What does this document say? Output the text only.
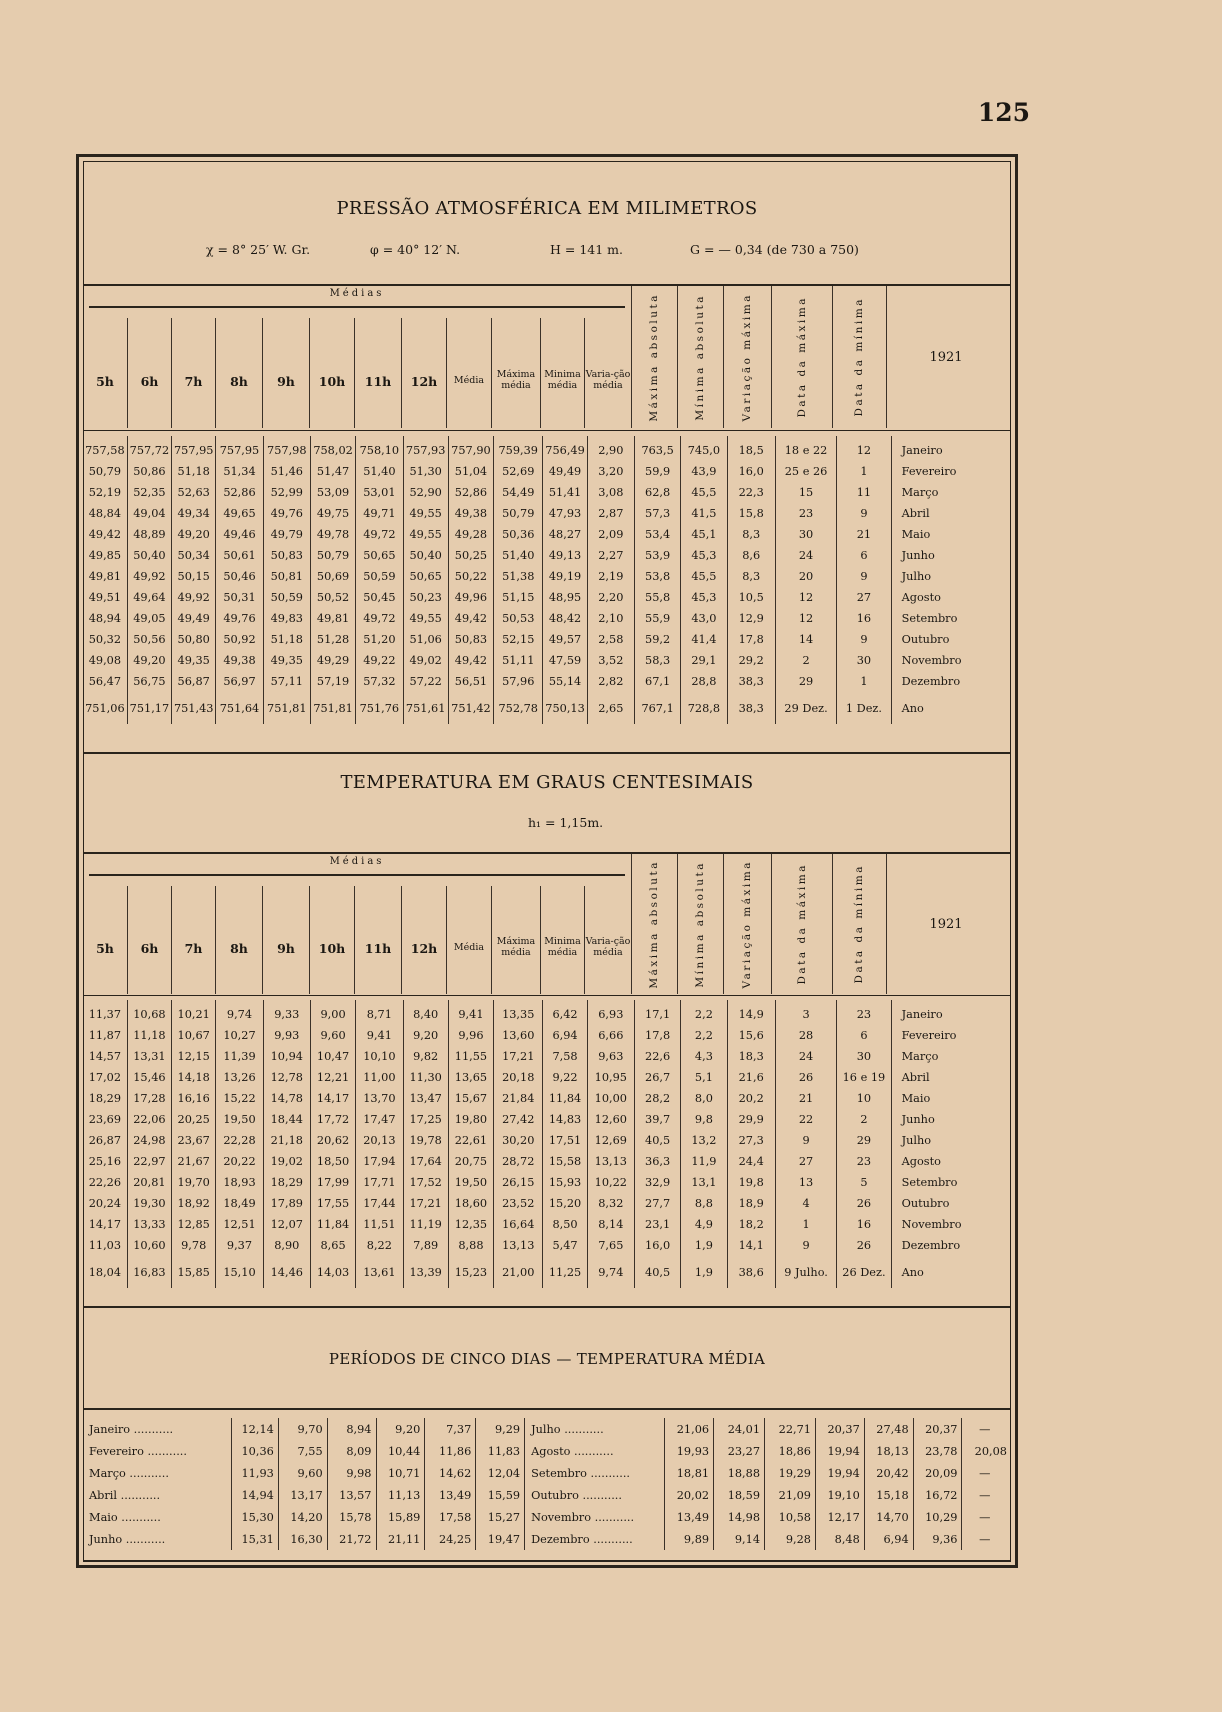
125
PRESSÃO ATMOSFÉRICA EM MILIMETROS
χ = 8° 25′ W. Gr.	φ = 40° 12′ N.	H = 141 m.	G = — 0,34 (de 730 a 750)
5h	6h	7h	8h	9h	10h	11h	12h	Média	Máxima média
Minima média
Varia-ção média	Máxima absoluta	Mínima absoluta	Variação máxima	Data da máxima	Data da mínima	1921
Médias
757,58	757,72	757,95	757,95	757,98	758,02	758,10	757,93	757,90	759,39	756,49	2,90	763,5	745,0	18,5	18 e 22	12	Janeiro
50,79	50,86	51,18	51,34	51,46	51,47	51,40	51,30	51,04	52,69	49,49	3,20	59,9	43,9	16,0	25 e 26	1	Fevereiro
52,19	52,35	52,63	52,86	52,99	53,09	53,01	52,90	52,86	54,49	51,41	3,08	62,8	45,5	22,3	15	11	Março
48,84	49,04	49,34	49,65	49,76	49,75	49,71	49,55	49,38	50,79	47,93	2,87	57,3	41,5	15,8	23	9	Abril
49,42	48,89	49,20	49,46	49,79	49,78	49,72	49,55	49,28	50,36	48,27	2,09	53,4	45,1	8,3	30	21	Maio
49,85	50,40	50,34	50,61	50,83	50,79	50,65	50,40	50,25	51,40	49,13	2,27	53,9	45,3	8,6	24	6	Junho
49,81	49,92	50,15	50,46	50,81	50,69	50,59	50,65	50,22	51,38	49,19	2,19	53,8	45,5	8,3	20	9	Julho
49,51	49,64	49,92	50,31	50,59	50,52	50,45	50,23	49,96	51,15	48,95	2,20	55,8	45,3	10,5	12	27	Agosto
48,94	49,05	49,49	49,76	49,83	49,81	49,72	49,55	49,42	50,53	48,42	2,10	55,9	43,0	12,9	12	16	Setembro
50,32	50,56	50,80	50,92	51,18	51,28	51,20	51,06	50,83	52,15	49,57	2,58	59,2	41,4	17,8	14	9	Outubro
49,08	49,20	49,35	49,38	49,35	49,29	49,22	49,02	49,42	51,11	47,59	3,52	58,3	29,1	29,2	2	30	Novembro
56,47	56,75	56,87	56,97	57,11	57,19	57,32	57,22	56,51	57,96	55,14	2,82	67,1	28,8	38,3	29	1	Dezembro
751,06	751,17	751,43	751,64	751,81	751,81	751,76	751,61	751,42	752,78	750,13	2,65	767,1	728,8	38,3	29 Dez.	1 Dez.	Ano
TEMPERATURA EM GRAUS CENTESIMAIS
h₁ = 1,15m.
5h	6h	7h	8h	9h	10h	11h	12h	Média	Máxima média
Minima média
Varia-ção média	Máxima absoluta	Mínima absoluta	Variação máxima	Data da máxima	Data da mínima	1921
Médias
11,37	10,68	10,21	9,74	9,33	9,00	8,71	8,40	9,41	13,35	6,42	6,93	17,1	2,2	14,9	3	23	Janeiro
11,87	11,18	10,67	10,27	9,93	9,60	9,41	9,20	9,96	13,60	6,94	6,66	17,8	2,2	15,6	28	6	Fevereiro
14,57	13,31	12,15	11,39	10,94	10,47	10,10	9,82	11,55	17,21	7,58	9,63	22,6	4,3	18,3	24	30	Março
17,02	15,46	14,18	13,26	12,78	12,21	11,00	11,30	13,65	20,18	9,22	10,95	26,7	5,1	21,6	26	16 e 19	Abril
18,29	17,28	16,16	15,22	14,78	14,17	13,70	13,47	15,67	21,84	11,84	10,00	28,2	8,0	20,2	21	10	Maio
23,69	22,06	20,25	19,50	18,44	17,72	17,47	17,25	19,80	27,42	14,83	12,60	39,7	9,8	29,9	22	2	Junho
26,87	24,98	23,67	22,28	21,18	20,62	20,13	19,78	22,61	30,20	17,51	12,69	40,5	13,2	27,3	9	29	Julho
25,16	22,97	21,67	20,22	19,02	18,50	17,94	17,64	20,75	28,72	15,58	13,13	36,3	11,9	24,4	27	23	Agosto
22,26	20,81	19,70	18,93	18,29	17,99	17,71	17,52	19,50	26,15	15,93	10,22	32,9	13,1	19,8	13	5	Setembro
20,24	19,30	18,92	18,49	17,89	17,55	17,44	17,21	18,60	23,52	15,20	8,32	27,7	8,8	18,9	4	26	Outubro
14,17	13,33	12,85	12,51	12,07	11,84	11,51	11,19	12,35	16,64	8,50	8,14	23,1	4,9	18,2	1	16	Novembro
11,03	10,60	9,78	9,37	8,90	8,65	8,22	7,89	8,88	13,13	5,47	7,65	16,0	1,9	14,1	9	26	Dezembro
18,04	16,83	15,85	15,10	14,46	14,03	13,61	13,39	15,23	21,00	11,25	9,74	40,5	1,9	38,6	9 Julho.	26 Dez.	Ano
PERÍODOS DE CINCO DIAS — TEMPERATURA MÉDIA
Janeiro ...........	12,14	9,70	8,94	9,20	7,37	9,29	Julho ...........	21,06	24,01	22,71	20,37	27,48	20,37	—
Fevereiro ...........	10,36	7,55	8,09	10,44	11,86	11,83	Agosto ...........	19,93	23,27	18,86	19,94	18,13	23,78	20,08
Março ...........	11,93	9,60	9,98	10,71	14,62	12,04	Setembro ...........	18,81	18,88	19,29	19,94	20,42	20,09	—
Abril ...........	14,94	13,17	13,57	11,13	13,49	15,59	Outubro ...........	20,02	18,59	21,09	19,10	15,18	16,72	—
Maio ...........	15,30	14,20	15,78	15,89	17,58	15,27	Novembro ...........	13,49	14,98	10,58	12,17	14,70	10,29	—
Junho ...........	15,31	16,30	21,72	21,11	24,25	19,47	Dezembro ...........	9,89	9,14	9,28	8,48	6,94	9,36	—
